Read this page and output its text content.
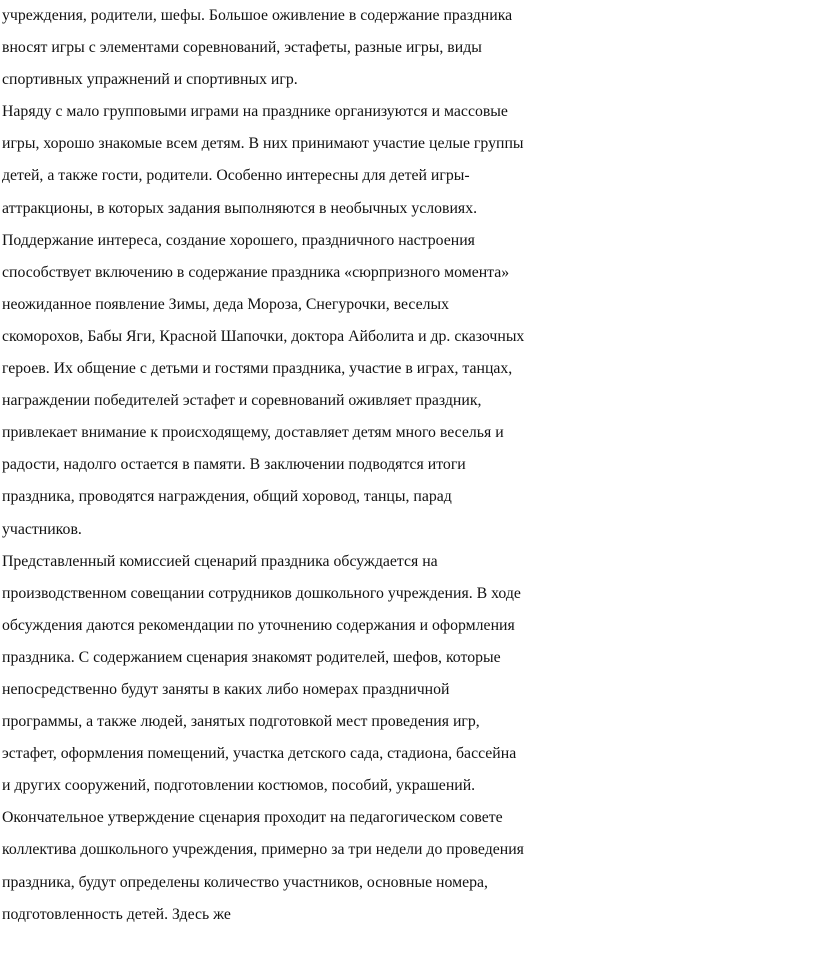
учреждения, родители, шефы. Большое оживление в содержание праздника
вносят игры с элементами соревнований, эстафеты, разные игры, виды
спортивных упражнений и спортивных игр.
Наряду с мало групповыми играми на празднике организуются и массовые
игры, хорошо знакомые всем детям. В них принимают участие целые группы
детей, а также гости, родители. Особенно интересны для детей игры-
аттракционы, в которых задания выполняются в необычных условиях.
Поддержание интереса, создание хорошего, праздничного настроения
способствует включению в содержание праздника «сюрпризного момента»
неожиданное появление Зимы, деда Мороза, Снегурочки, веселых
скоморохов, Бабы Яги, Красной Шапочки, доктора Айболита и др. сказочных
героев. Их общение с детьми и гостями праздника, участие в играх, танцах,
награждении победителей эстафет и соревнований оживляет праздник,
привлекает внимание к происходящему, доставляет детям много веселья и
радости, надолго остается в памяти. В заключении подводятся итоги
праздника, проводятся награждения, общий хоровод, танцы, парад
участников.
Представленный комиссией сценарий праздника обсуждается на
производственном совещании сотрудников дошкольного учреждения. В ходе
обсуждения даются рекомендации по уточнению содержания и оформления
праздника. С содержанием сценария знакомят родителей, шефов, которые
непосредственно будут заняты в каких либо номерах праздничной
программы, а также людей, занятых подготовкой мест проведения игр,
эстафет, оформления помещений, участка детского сада, стадиона, бассейна
и других сооружений, подготовлении костюмов, пособий, украшений.
Окончательное утверждение сценария проходит на педагогическом совете
коллектива дошкольного учреждения, примерно за три недели до проведения
праздника, будут определены количество участников, основные номера,
подготовленность детей. Здесь же
